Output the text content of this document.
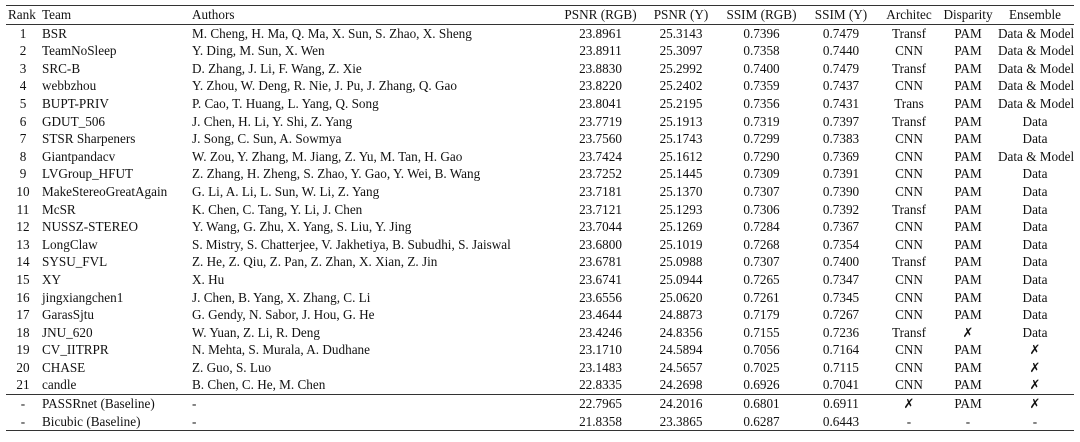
Rank	Team	Authors	PSNR (RGB)	PSNR (Y)	SSIM (RGB)	SSIM (Y)	Architec	Disparity	Ensemble
1	BSR	M. Cheng, H. Ma, Q. Ma, X. Sun, S. Zhao, X. Sheng	23.8961	25.3143	0.7396	0.7479	Transf	PAM	Data & Model
2	TeamNoSleep	Y. Ding, M. Sun, X. Wen	23.8911	25.3097	0.7358	0.7440	CNN	PAM	Data & Model
3	SRC-B	D. Zhang, J. Li, F. Wang, Z. Xie	23.8830	25.2992	0.7400	0.7479	Transf	PAM	Data & Model
4	webbzhou	Y. Zhou, W. Deng, R. Nie, J. Pu, J. Zhang, Q. Gao	23.8220	25.2402	0.7359	0.7437	CNN	PAM	Data & Model
5	BUPT-PRIV	P. Cao, T. Huang, L. Yang, Q. Song	23.8041	25.2195	0.7356	0.7431	Trans	PAM	Data & Model
6	GDUT_506	J. Chen, H. Li, Y. Shi, Z. Yang	23.7719	25.1913	0.7319	0.7397	Transf	PAM	Data
7	STSR Sharpeners	J. Song, C. Sun, A. Sowmya	23.7560	25.1743	0.7299	0.7383	CNN	PAM	Data
8	Giantpandacv	W. Zou, Y. Zhang, M. Jiang, Z. Yu, M. Tan, H. Gao	23.7424	25.1612	0.7290	0.7369	CNN	PAM	Data & Model
9	LVGroup_HFUT	Z. Zhang, H. Zheng, S. Zhao, Y. Gao, Y. Wei, B. Wang	23.7252	25.1445	0.7309	0.7391	CNN	PAM	Data
10	MakeStereoGreatAgain	G. Li, A. Li, L. Sun, W. Li, Z. Yang	23.7181	25.1370	0.7307	0.7390	CNN	PAM	Data
11	McSR	K. Chen, C. Tang, Y. Li, J. Chen	23.7121	25.1293	0.7306	0.7392	Transf	PAM	Data
12	NUSSZ-STEREO	Y. Wang, G. Zhu, X. Yang, S. Liu, Y. Jing	23.7044	25.1269	0.7284	0.7367	CNN	PAM	Data
13	LongClaw	S. Mistry, S. Chatterjee, V. Jakhetiya, B. Subudhi, S. Jaiswal	23.6800	25.1019	0.7268	0.7354	CNN	PAM	Data
14	SYSU_FVL	Z. He, Z. Qiu, Z. Pan, Z. Zhan, X. Xian, Z. Jin	23.6781	25.0988	0.7307	0.7400	Transf	PAM	Data
15	XY	X. Hu	23.6741	25.0944	0.7265	0.7347	CNN	PAM	Data
16	jingxiangchen1	J. Chen, B. Yang, X. Zhang, C. Li	23.6556	25.0620	0.7261	0.7345	CNN	PAM	Data
17	GarasSjtu	G. Gendy, N. Sabor, J. Hou, G. He	23.4644	24.8873	0.7179	0.7267	CNN	PAM	Data
18	JNU_620	W. Yuan, Z. Li, R. Deng	23.4246	24.8356	0.7155	0.7236	Transf	✗	Data
19	CV_IITRPR	N. Mehta, S. Murala, A. Dudhane	23.1710	24.5894	0.7056	0.7164	CNN	PAM	✗
20	CHASE	Z. Guo, S. Luo	23.1483	24.5657	0.7025	0.7115	CNN	PAM	✗
21	candle	B. Chen, C. He, M. Chen	22.8335	24.2698	0.6926	0.7041	CNN	PAM	✗
-	PASSRnet (Baseline)	-	22.7965	24.2016	0.6801	0.6911	✗	PAM	✗
-	Bicubic (Baseline)	-	21.8358	23.3865	0.6287	0.6443	-	-	-
